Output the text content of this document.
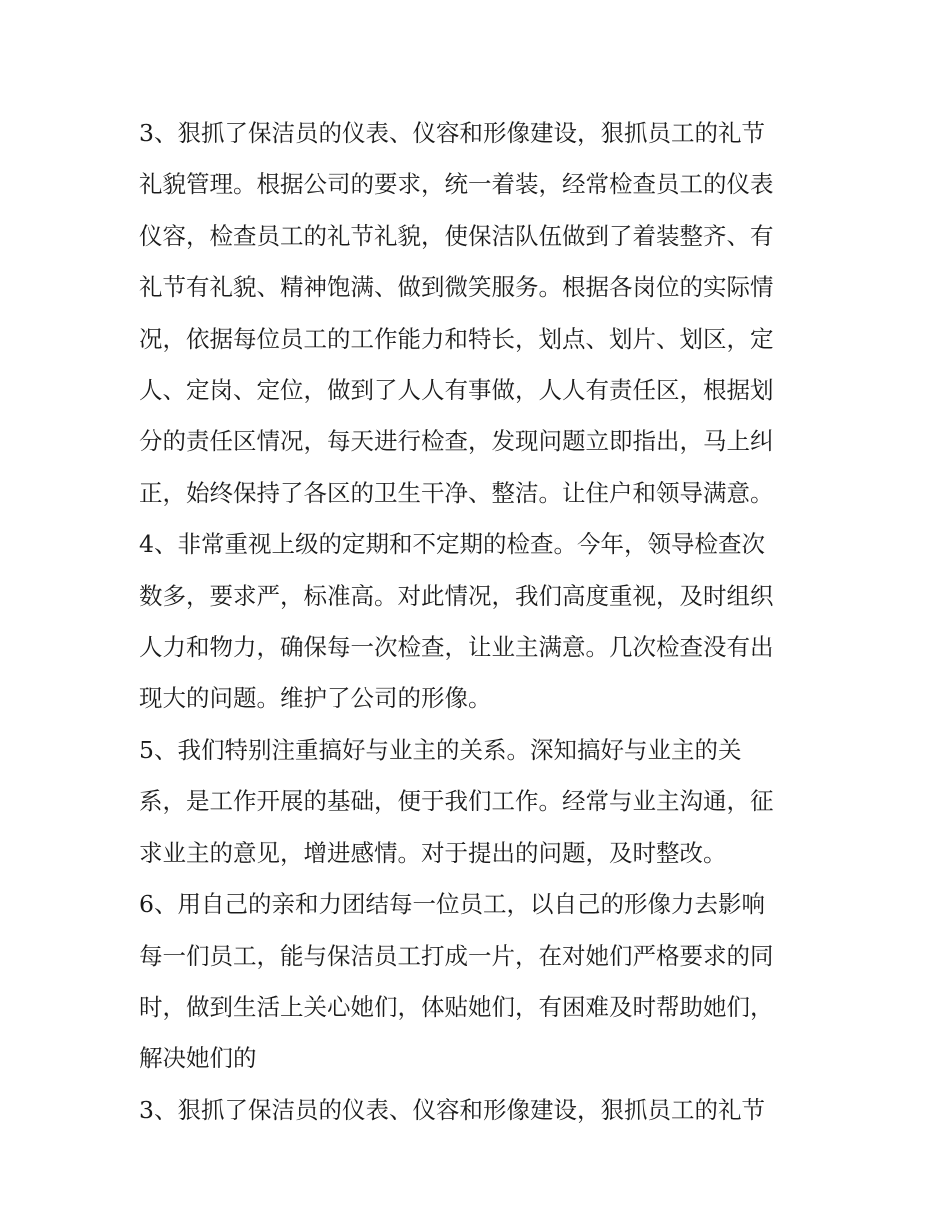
3、狠抓了保洁员的仪表、仪容和形像建设，狠抓员工的礼节
礼貌管理。根据公司的要求，统一着装，经常检查员工的仪表
仪容，检查员工的礼节礼貌，使保洁队伍做到了着装整齐、有
礼节有礼貌、精神饱满、做到微笑服务。根据各岗位的实际情
况，依据每位员工的工作能力和特长，划点、划片、划区，定
人、定岗、定位，做到了人人有事做，人人有责任区，根据划
分的责任区情况，每天进行检查，发现问题立即指出，马上纠
正，始终保持了各区的卫生干净、整洁。让住户和领导满意。

4、非常重视上级的定期和不定期的检查。今年，领导检查次
数多，要求严，标准高。对此情况，我们高度重视，及时组织
人力和物力，确保每一次检查，让业主满意。几次检查没有出
现大的问题。维护了公司的形像。

5、我们特别注重搞好与业主的关系。深知搞好与业主的关
系，是工作开展的基础，便于我们工作。经常与业主沟通，征
求业主的意见，增进感情。对于提出的问题，及时整改。

6、用自己的亲和力团结每一位员工，以自己的形像力去影响
每一们员工，能与保洁员工打成一片，在对她们严格要求的同
时，做到生活上关心她们，体贴她们，有困难及时帮助她们，
解决她们的

3、狠抓了保洁员的仪表、仪容和形像建设，狠抓员工的礼节
